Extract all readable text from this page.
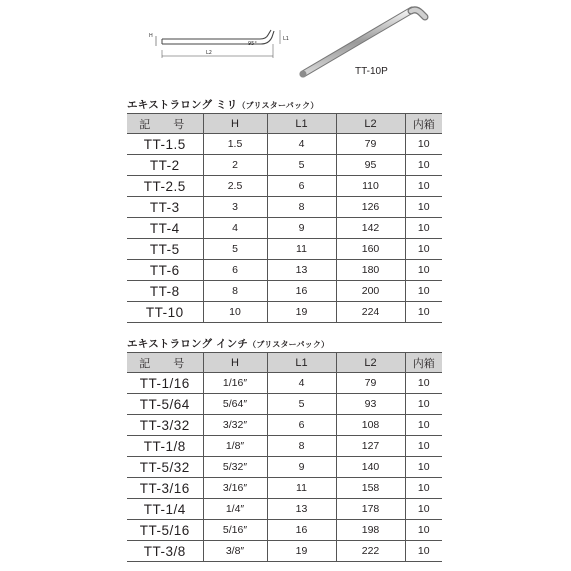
H
L2
95°
L1
TT-10P
エキストラロング ミリ（ブリスターパック）
記　号	H	L1	L2	内箱
TT-1.5	1.5	4	79	10
TT-2	2	5	95	10
TT-2.5	2.5	6	110	10
TT-3	3	8	126	10
TT-4	4	9	142	10
TT-5	5	11	160	10
TT-6	6	13	180	10
TT-8	8	16	200	10
TT-10	10	19	224	10
エキストラロング インチ（ブリスターパック）
記　号	H	L1	L2	内箱
TT-1/16	1/16″	4	79	10
TT-5/64	5/64″	5	93	10
TT-3/32	3/32″	6	108	10
TT-1/8	1/8″	8	127	10
TT-5/32	5/32″	9	140	10
TT-3/16	3/16″	11	158	10
TT-1/4	1/4″	13	178	10
TT-5/16	5/16″	16	198	10
TT-3/8	3/8″	19	222	10
